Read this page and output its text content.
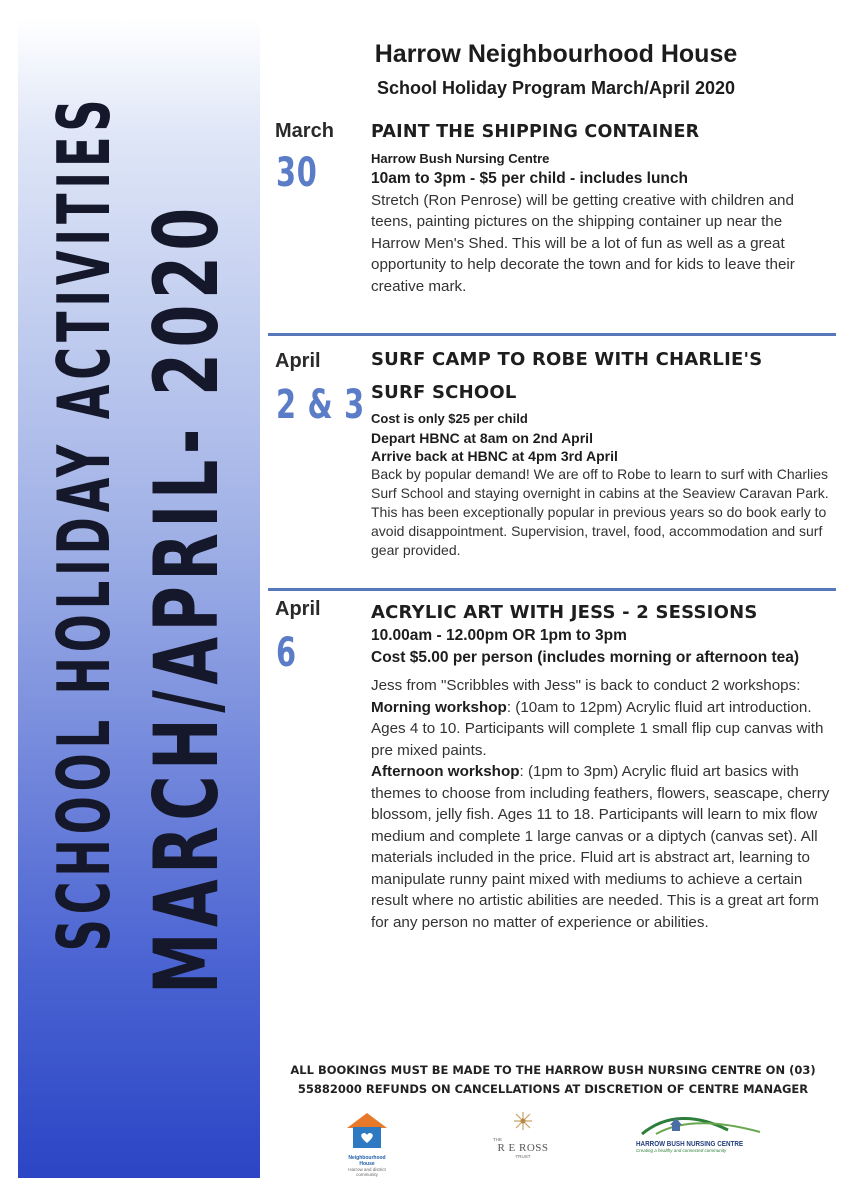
SCHOOL HOLIDAY ACTIVITIES MARCH/APRIL- 2020
Harrow Neighbourhood House
School Holiday Program March/April 2020
March
30
PAINT THE SHIPPING CONTAINER
Harrow Bush Nursing Centre
10am to 3pm - $5 per child - includes lunch
Stretch (Ron Penrose) will be getting creative with children and teens, painting pictures on the shipping container up near the Harrow Men's Shed. This will be a lot of fun as well as a great opportunity to help decorate the town and for kids to leave their creative mark.
April
2 & 3
SURF CAMP TO ROBE WITH CHARLIE'S
SURF SCHOOL
Cost is only $25 per child
Depart HBNC at 8am on 2nd April
Arrive back at HBNC at 4pm 3rd April
Back by popular demand! We are off to Robe to learn to surf with Charlies Surf School and staying overnight in cabins at the Seaview Caravan Park. This has been exceptionally popular in previous years so do book early to avoid disappointment. Supervision, travel, food, accommodation and surf gear provided.
April
6
ACRYLIC ART WITH JESS - 2 SESSIONS
10.00am - 12.00pm OR 1pm to 3pm
Cost $5.00 per person (includes morning or afternoon tea)
Jess from "Scribbles with Jess" is back to conduct 2 workshops:
Morning workshop: (10am to 12pm) Acrylic fluid art introduction. Ages 4 to 10. Participants will complete 1 small flip cup canvas with pre mixed paints.
Afternoon workshop: (1pm to 3pm) Acrylic fluid art basics with themes to choose from including feathers, flowers, seascape, cherry blossom, jelly fish. Ages 11 to 18. Participants will learn to mix flow medium and complete 1 large canvas or a diptych (canvas set). All materials included in the price. Fluid art is abstract art, learning to manipulate runny paint mixed with mediums to achieve a certain result where no artistic abilities are needed. This is a great art form for any person no matter of experience or abilities.
ALL BOOKINGS MUST BE MADE TO THE HARROW BUSH NURSING CENTRE ON (03)
55882000 REFUNDS ON CANCELLATIONS AT DISCRETION OF CENTRE MANAGER
Neighbourhood House
Harrow and district community
THE
R E ROSS
TRUST
HARROW BUSH NURSING CENTRE
Creating a healthy and connected community
